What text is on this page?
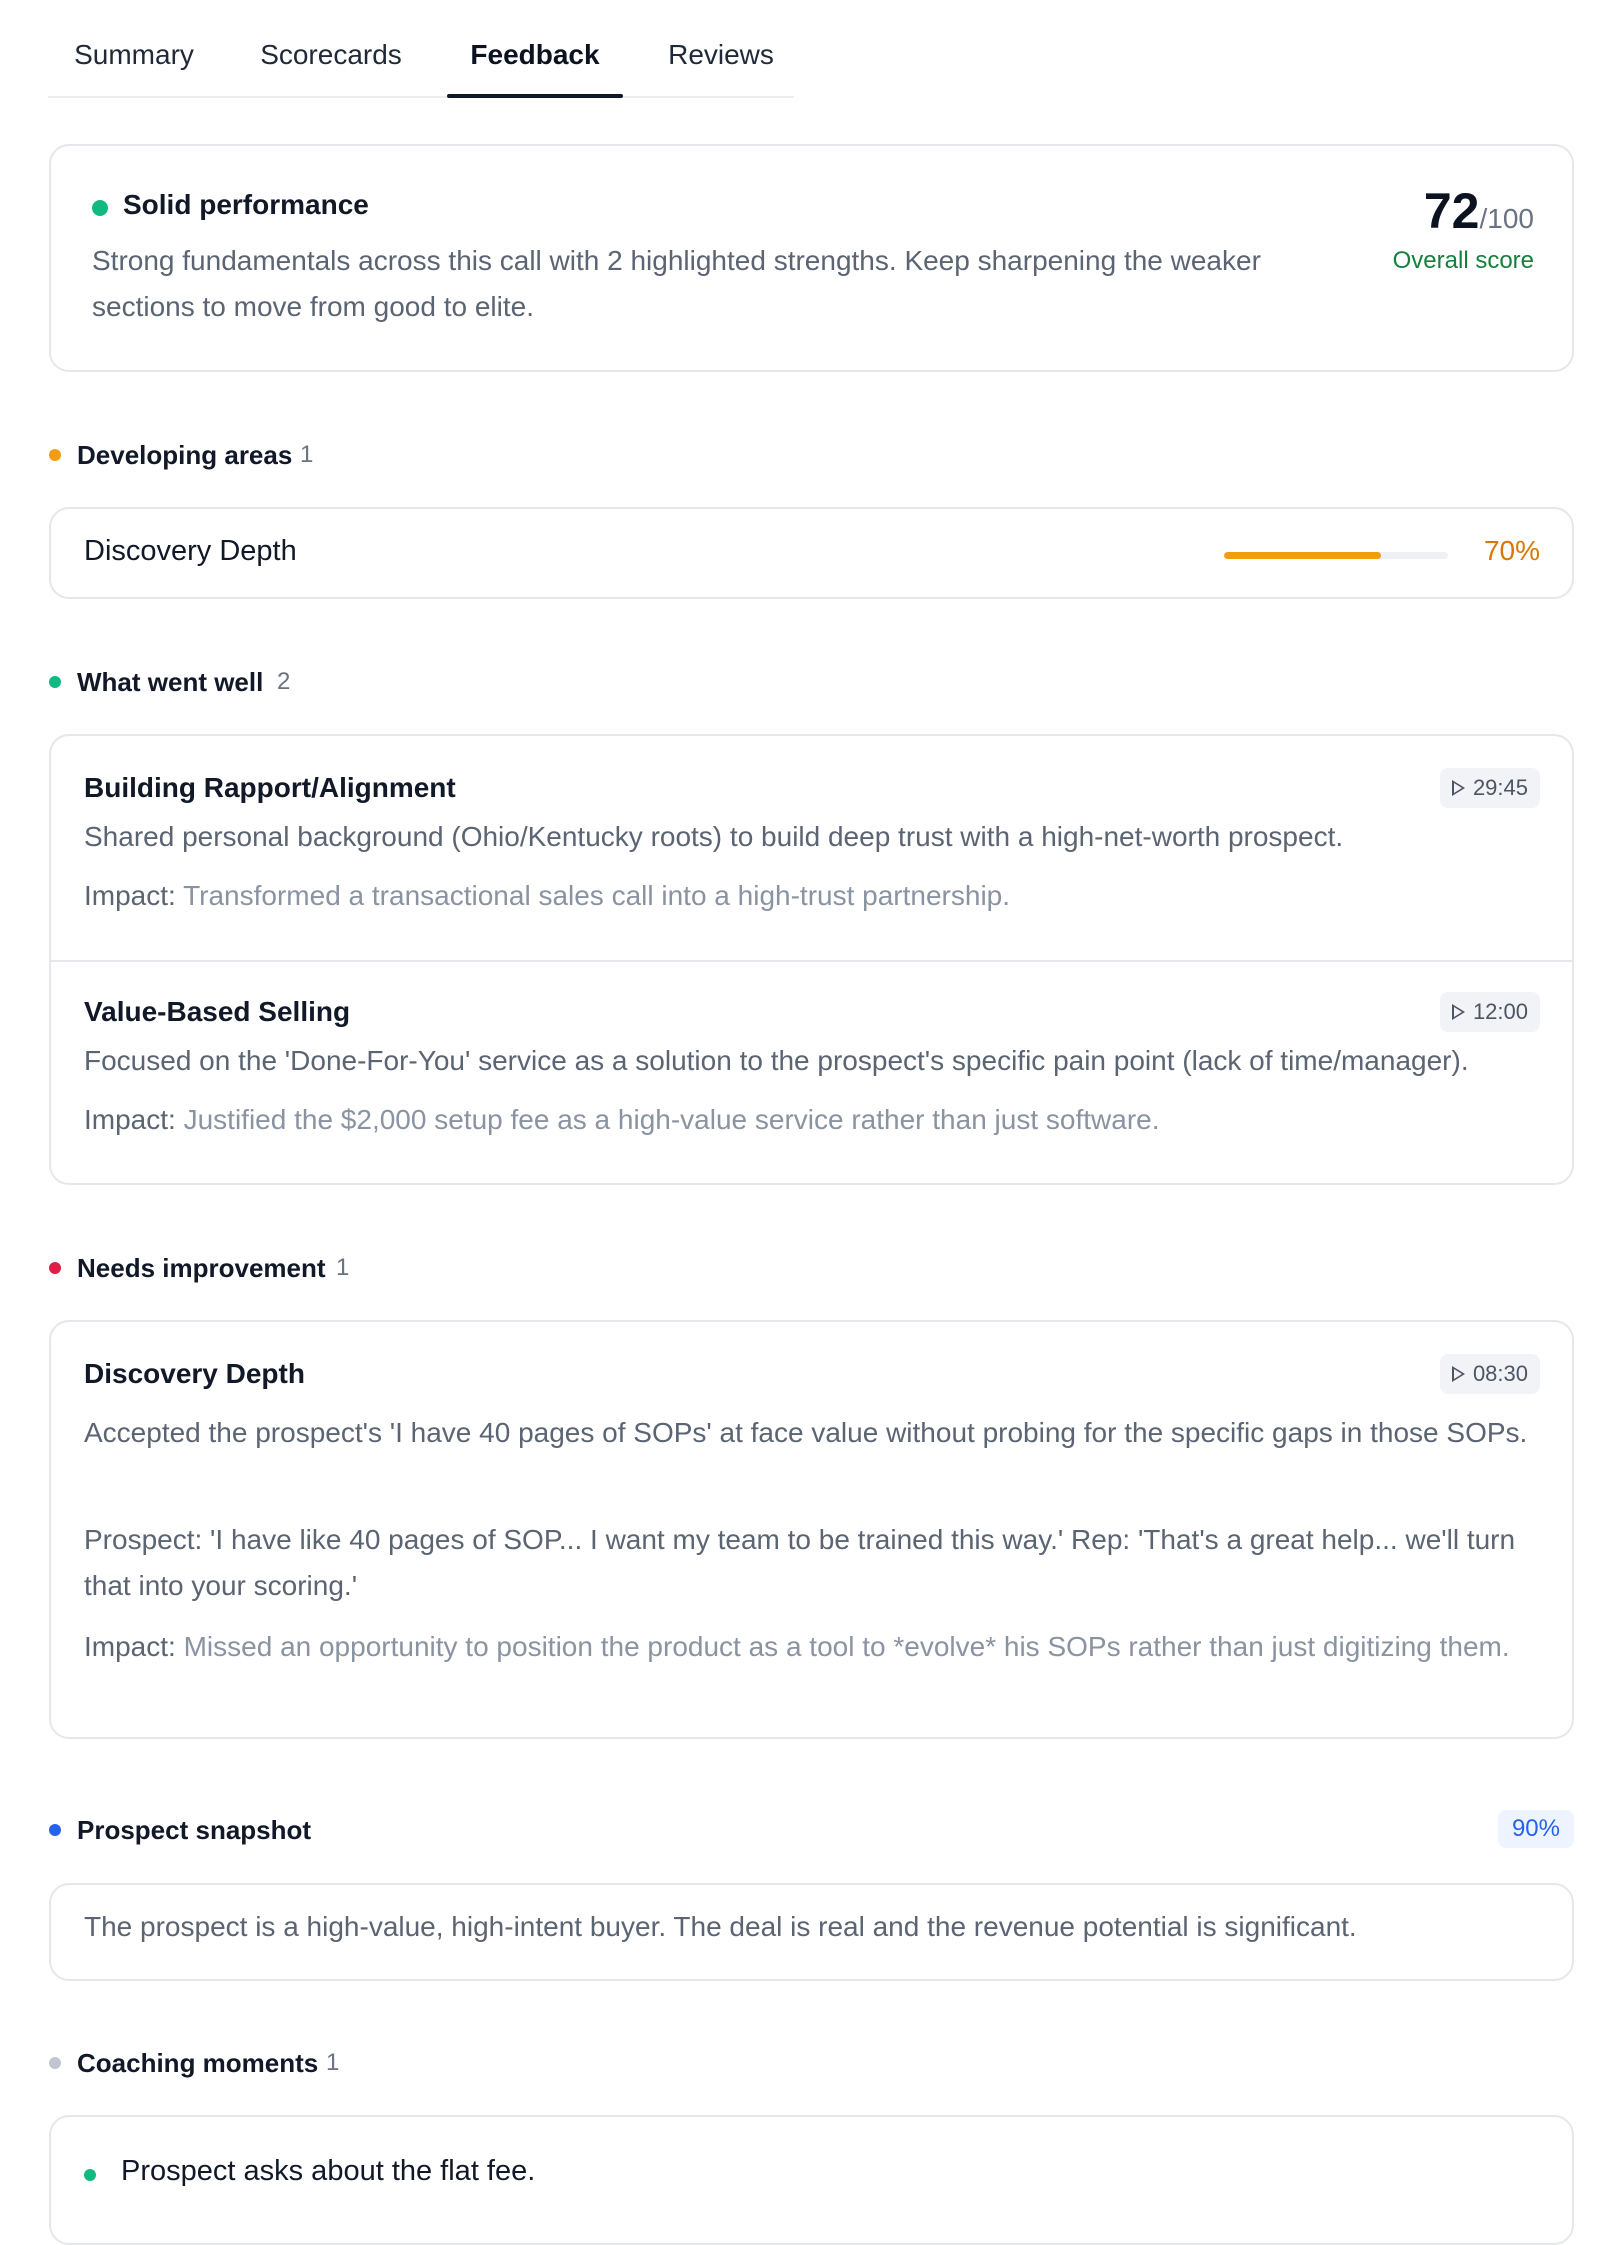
Summary	Scorecards	Feedback	Reviews
Solid performance
Strong fundamentals across this call with 2 highlighted strengths. Keep sharpening the weaker sections to move from good to elite.
72/100
Overall score
Developing areas 1
Discovery Depth	70%
What went well 2
Building Rapport/Alignment	29:45
Shared personal background (Ohio/Kentucky roots) to build deep trust with a high-net-worth prospect.
Impact: Transformed a transactional sales call into a high-trust partnership.
Value-Based Selling	12:00
Focused on the 'Done-For-You' service as a solution to the prospect's specific pain point (lack of time/manager).
Impact: Justified the $2,000 setup fee as a high-value service rather than just software.
Needs improvement 1
Discovery Depth	08:30
Accepted the prospect's 'I have 40 pages of SOPs' at face value without probing for the specific gaps in those SOPs.
Prospect: 'I have like 40 pages of SOP... I want my team to be trained this way.' Rep: 'That's a great help... we'll turn that into your scoring.'
Impact: Missed an opportunity to position the product as a tool to *evolve* his SOPs rather than just digitizing them.
Prospect snapshot	90%
The prospect is a high-value, high-intent buyer. The deal is real and the revenue potential is significant.
Coaching moments 1
Prospect asks about the flat fee.
